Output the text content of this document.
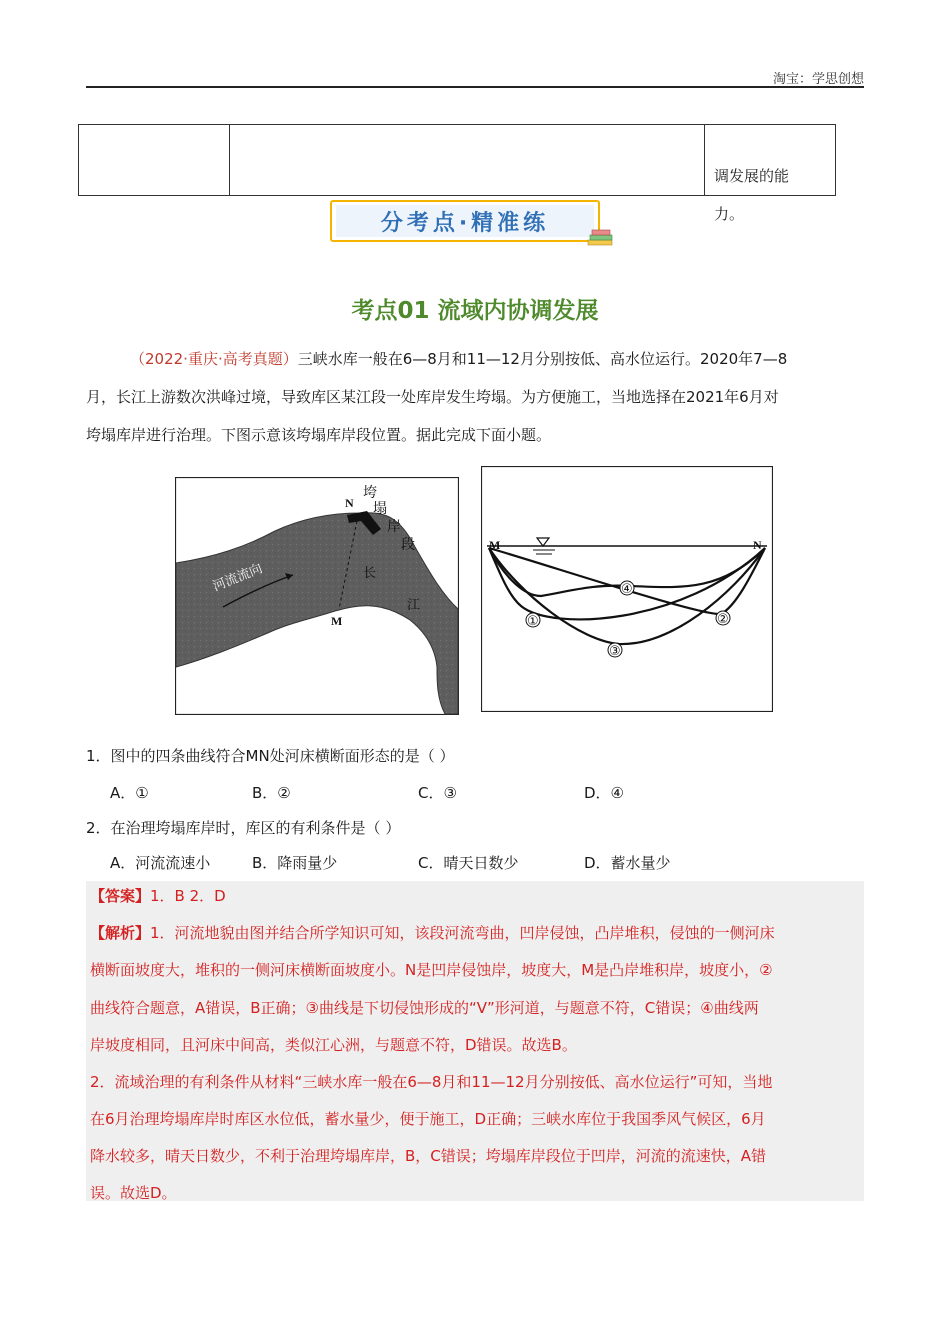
淘宝：学思创想
调发展的能
力。
分考点·精准练
考点01 流域内协调发展
（2022·重庆·高考真题）三峡水库一般在6—8月和11—12月分别按低、高水位运行。2020年7—8
月，长江上游数次洪峰过境，导致库区某江段一处库岸发生垮塌。为方便施工，当地选择在2021年6月对
垮塌库岸进行治理。下图示意该垮塌库岸段位置。据此完成下面小题。
N
M
垮
塌
岸
段
长
江
河流流向
M	N
④
①	②
③
1．图中的四条曲线符合MN处河床横断面形态的是（ ）
A．①	B．②	C．③	D．④
2．在治理垮塌库岸时，库区的有利条件是（ ）
A．河流流速小	B．降雨量少	C．晴天日数少	D．蓄水量少
【答案】1．B 2．D
【解析】1．河流地貌由图并结合所学知识可知，该段河流弯曲，凹岸侵蚀，凸岸堆积，侵蚀的一侧河床
横断面坡度大，堆积的一侧河床横断面坡度小。N是凹岸侵蚀岸，坡度大，M是凸岸堆积岸，坡度小，②
曲线符合题意，A错误，B正确；③曲线是下切侵蚀形成的“V”形河道，与题意不符，C错误；④曲线两
岸坡度相同，且河床中间高，类似江心洲，与题意不符，D错误。故选B。
2．流域治理的有利条件从材料“三峡水库一般在6—8月和11—12月分别按低、高水位运行”可知，当地
在6月治理垮塌库岸时库区水位低，蓄水量少，便于施工，D正确；三峡水库位于我国季风气候区，6月
降水较多，晴天日数少，不利于治理垮塌库岸，B，C错误；垮塌库岸段位于凹岸，河流的流速快，A错
误。故选D。
